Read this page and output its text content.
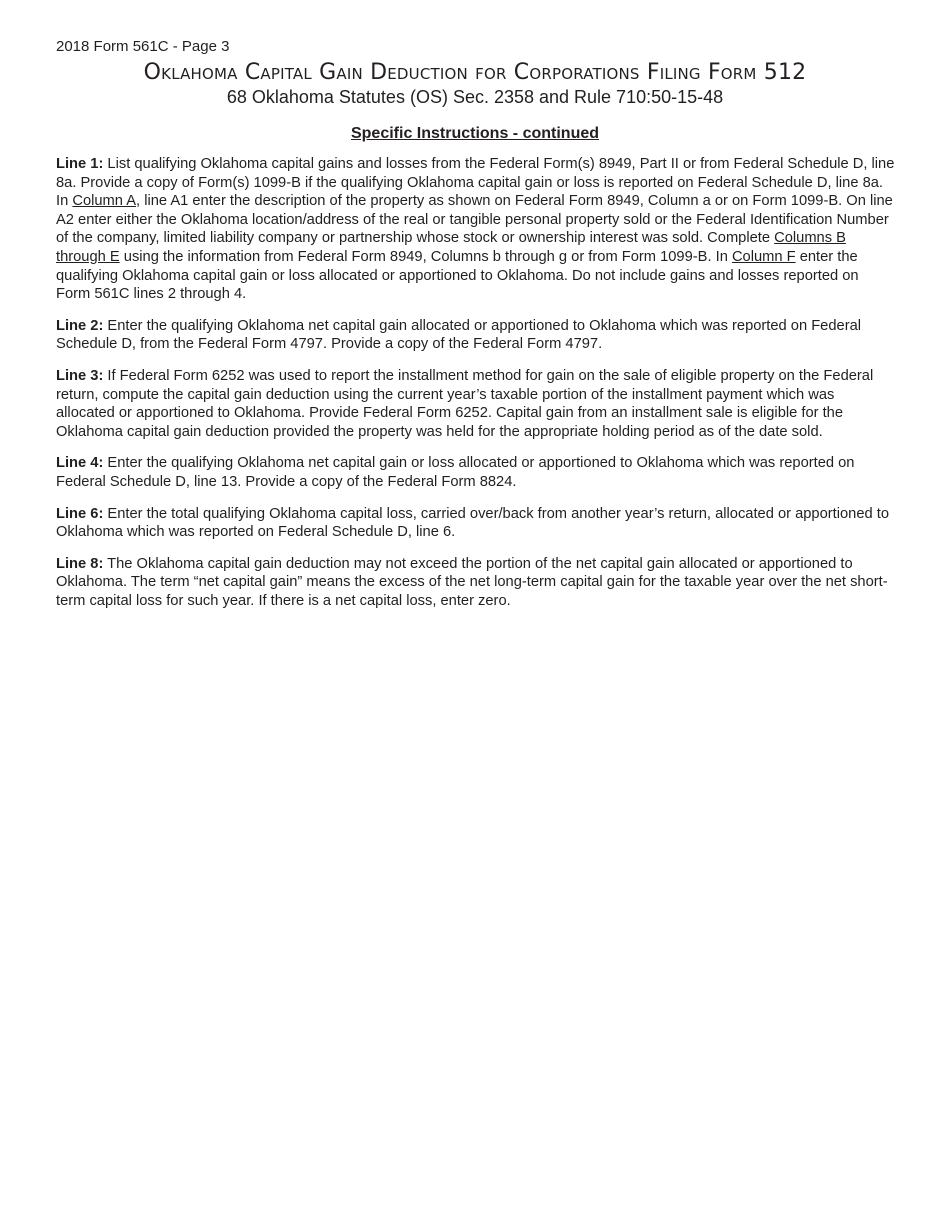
2018 Form 561C - Page 3
Oklahoma Capital Gain Deduction for Corporations Filing Form 512
68 Oklahoma Statutes (OS) Sec. 2358 and Rule 710:50-15-48
Specific Instructions - continued

Line 1: List qualifying Oklahoma capital gains and losses from the Federal Form(s) 8949, Part II or from Federal Schedule D, line 8a. Provide a copy of Form(s) 1099-B if the qualifying Oklahoma capital gain or loss is reported on Federal Schedule D, line 8a. In Column A, line A1 enter the description of the property as shown on Federal Form 8949, Column a or on Form 1099-B. On line A2 enter either the Oklahoma location/address of the real or tangible personal property sold or the Federal Identification Number of the company, limited liability company or partnership whose stock or ownership interest was sold. Complete Columns B through E using the information from Federal Form 8949, Columns b through g or from Form 1099-B. In Column F enter the qualifying Oklahoma capital gain or loss allocated or apportioned to Oklahoma. Do not include gains and losses reported on Form 561C lines 2 through 4.

Line 2: Enter the qualifying Oklahoma net capital gain allocated or apportioned to Oklahoma which was reported on Federal Schedule D, from the Federal Form 4797. Provide a copy of the Federal Form 4797.

Line 3: If Federal Form 6252 was used to report the installment method for gain on the sale of eligible property on the Federal return, compute the capital gain deduction using the current year’s taxable portion of the installment payment which was allocated or apportioned to Oklahoma. Provide Federal Form 6252. Capital gain from an installment sale is eligible for the Oklahoma capital gain deduction provided the property was held for the appropriate holding period as of the date sold.

Line 4: Enter the qualifying Oklahoma net capital gain or loss allocated or apportioned to Oklahoma which was reported on Federal Schedule D, line 13. Provide a copy of the Federal Form 8824.

Line 6: Enter the total qualifying Oklahoma capital loss, carried over/back from another year’s return, allocated or apportioned to Oklahoma which was reported on Federal Schedule D, line 6.

Line 8: The Oklahoma capital gain deduction may not exceed the portion of the net capital gain allocated or apportioned to Oklahoma. The term “net capital gain” means the excess of the net long-term capital gain for the taxable year over the net short-term capital loss for such year. If there is a net capital loss, enter zero.
